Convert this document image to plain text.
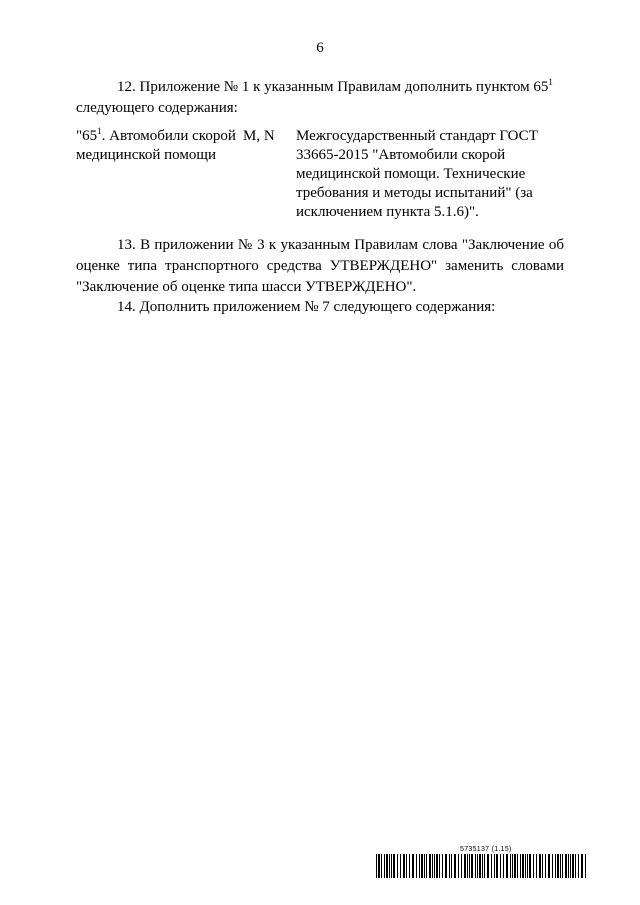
6
12. Приложение № 1 к указанным Правилам дополнить пунктом $65^1$
следующего содержания:
"$65^1$. Автомобили скорой медицинской помощи
M, N	Межгосударственный стандарт ГОСТ 33665-2015 "Автомобили скорой медицинской помощи. Технические требования и методы испытаний" (за исключением пункта 5.1.6)".
13. В приложении № 3 к указанным Правилам слова "Заключение об оценке типа транспортного средства УТВЕРЖДЕНО" заменить словами "Заключение об оценке типа шасси УТВЕРЖДЕНО".
14. Дополнить приложением № 7 следующего содержания:
5735137 (1.15)
